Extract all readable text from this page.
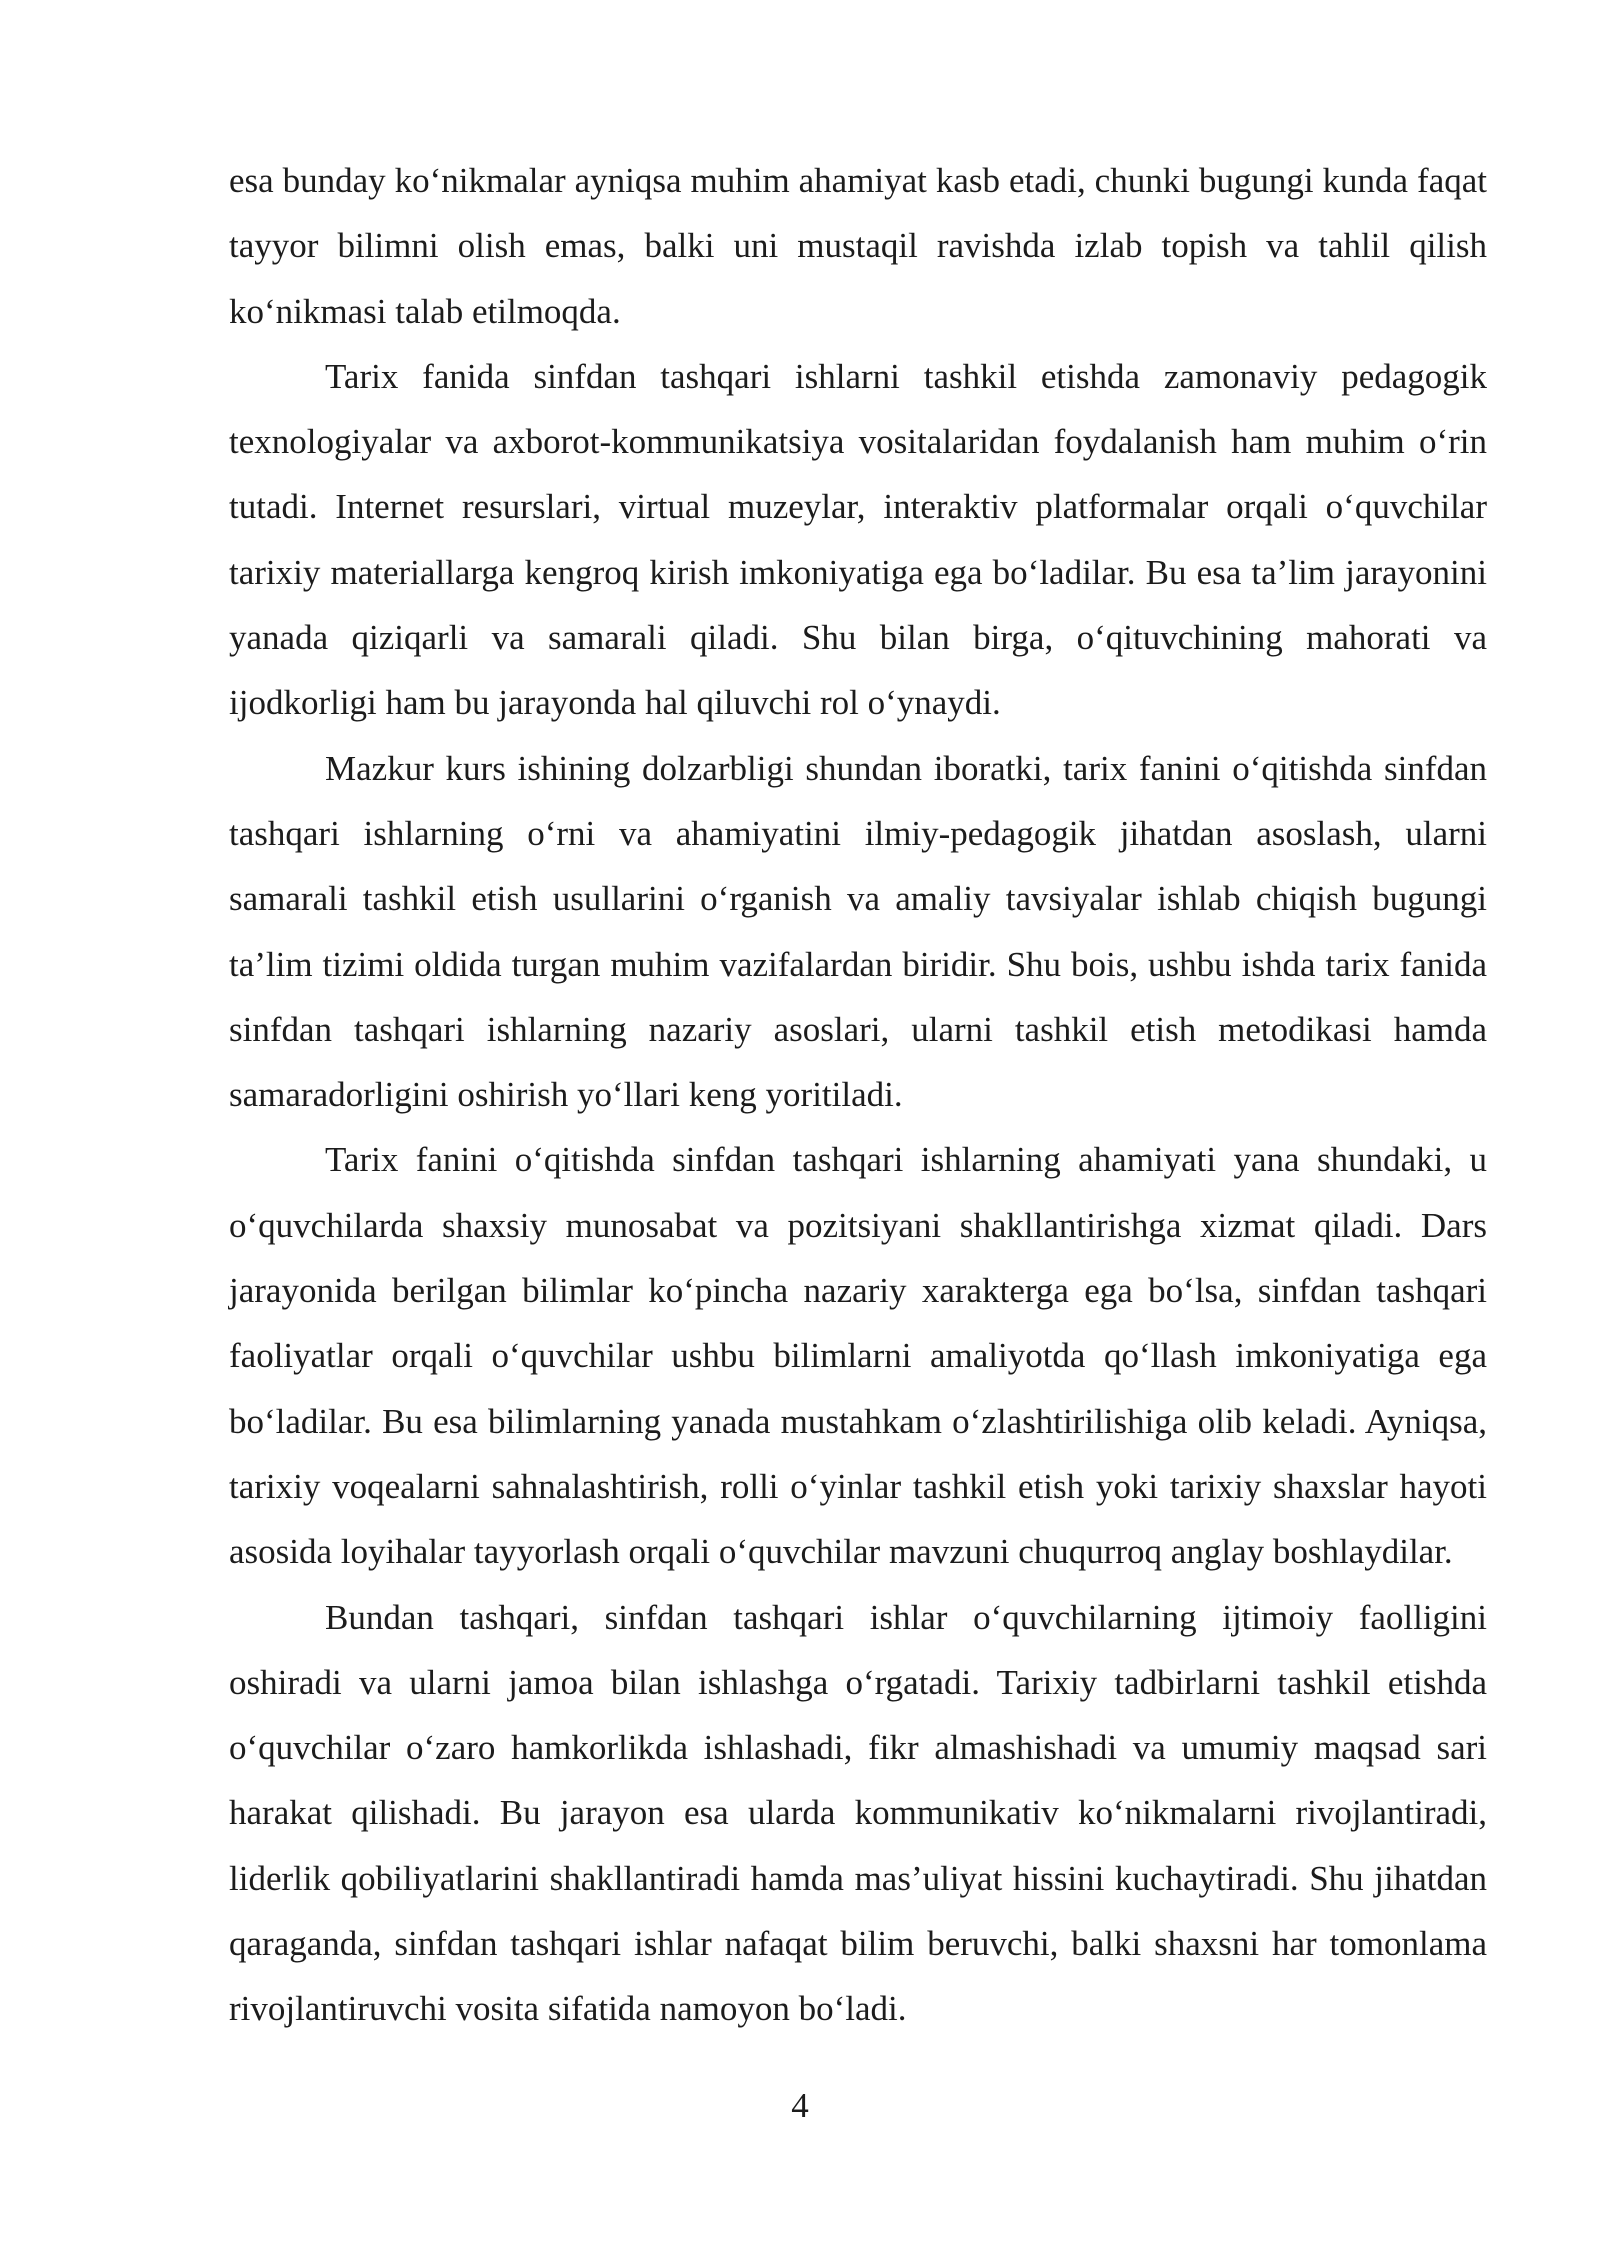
esa bunday ko‘nikmalar ayniqsa muhim ahamiyat kasb etadi, chunki bugungi kunda faqat tayyor bilimni olish emas, balki uni mustaqil ravishda izlab topish va tahlil qilish ko‘nikmasi talab etilmoqda.

Tarix fanida sinfdan tashqari ishlarni tashkil etishda zamonaviy pedagogik texnologiyalar va axborot-kommunikatsiya vositalaridan foydalanish ham muhim o‘rin tutadi. Internet resurslari, virtual muzeylar, interaktiv platformalar orqali o‘quvchilar tarixiy materiallarga kengroq kirish imkoniyatiga ega bo‘ladilar. Bu esa ta’lim jarayonini yanada qiziqarli va samarali qiladi. Shu bilan birga, o‘qituvchining mahorati va ijodkorligi ham bu jarayonda hal qiluvchi rol o‘ynaydi.

Mazkur kurs ishining dolzarbligi shundan iboratki, tarix fanini o‘qitishda sinfdan tashqari ishlarning o‘rni va ahamiyatini ilmiy-pedagogik jihatdan asoslash, ularni samarali tashkil etish usullarini o‘rganish va amaliy tavsiyalar ishlab chiqish bugungi ta’lim tizimi oldida turgan muhim vazifalardan biridir. Shu bois, ushbu ishda tarix fanida sinfdan tashqari ishlarning nazariy asoslari, ularni tashkil etish metodikasi hamda samaradorligini oshirish yo‘llari keng yoritiladi.

Tarix fanini o‘qitishda sinfdan tashqari ishlarning ahamiyati yana shundaki, u o‘quvchilarda shaxsiy munosabat va pozitsiyani shakllantirishga xizmat qiladi. Dars jarayonida berilgan bilimlar ko‘pincha nazariy xarakterga ega bo‘lsa, sinfdan tashqari faoliyatlar orqali o‘quvchilar ushbu bilimlarni amaliyotda qo‘llash imkoniyatiga ega bo‘ladilar. Bu esa bilimlarning yanada mustahkam o‘zlashtirilishiga olib keladi. Ayniqsa, tarixiy voqealarni sahnalashtirish, rolli o‘yinlar tashkil etish yoki tarixiy shaxslar hayoti asosida loyihalar tayyorlash orqali o‘quvchilar mavzuni chuqurroq anglay boshlaydilar.

Bundan tashqari, sinfdan tashqari ishlar o‘quvchilarning ijtimoiy faolligini oshiradi va ularni jamoa bilan ishlashga o‘rgatadi. Tarixiy tadbirlarni tashkil etishda o‘quvchilar o‘zaro hamkorlikda ishlashadi, fikr almashishadi va umumiy maqsad sari harakat qilishadi. Bu jarayon esa ularda kommunikativ ko‘nikmalarni rivojlantiradi, liderlik qobiliyatlarini shakllantiradi hamda mas’uliyat hissini kuchaytiradi. Shu jihatdan qaraganda, sinfdan tashqari ishlar nafaqat bilim beruvchi, balki shaxsni har tomonlama rivojlantiruvchi vosita sifatida namoyon bo‘ladi.

4
